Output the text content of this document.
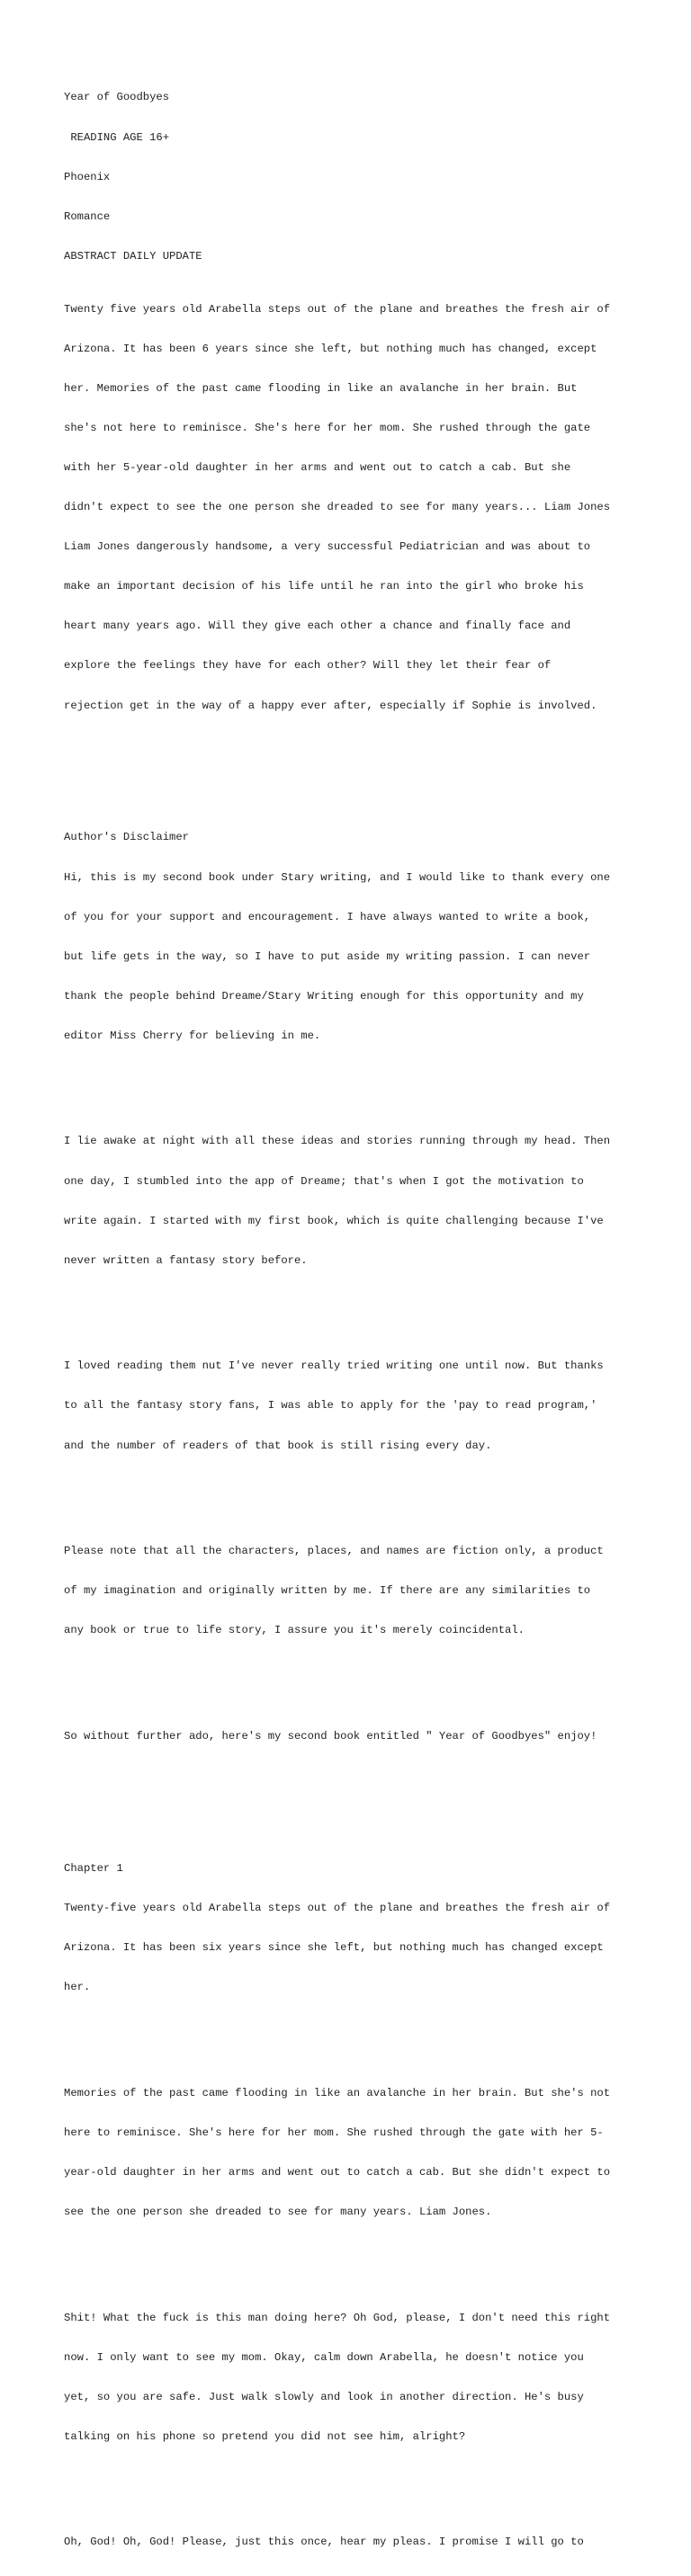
Year of Goodbyes

READING AGE 16+

Phoenix

Romance

ABSTRACT DAILY UPDATE

Twenty five years old Arabella steps out of the plane and breathes the fresh air of

Arizona. It has been 6 years since she left, but nothing much has changed, except

her. Memories of the past came flooding in like an avalanche in her brain. But

she's not here to reminisce. She's here for her mom. She rushed through the gate

with her 5-year-old daughter in her arms and went out to catch a cab. But she

didn't expect to see the one person she dreaded to see for many years... Liam Jones

Liam Jones dangerously handsome, a very successful Pediatrician and was about to

make an important decision of his life until he ran into the girl who broke his

heart many years ago. Will they give each other a chance and finally face and

explore the feelings they have for each other? Will they let their fear of

rejection get in the way of a happy ever after, especially if Sophie is involved.

Author's Disclaimer

Hi, this is my second book under Stary writing, and I would like to thank every one

of you for your support and encouragement. I have always wanted to write a book,

but life gets in the way, so I have to put aside my writing passion. I can never

thank the people behind Dreame/Stary Writing enough for this opportunity and my

editor Miss Cherry for believing in me.

I lie awake at night with all these ideas and stories running through my head. Then

one day, I stumbled into the app of Dreame; that's when I got the motivation to

write again. I started with my first book, which is quite challenging because I've

never written a fantasy story before.

I loved reading them nut I've never really tried writing one until now. But thanks

to all the fantasy story fans, I was able to apply for the 'pay to read program,'

and the number of readers of that book is still rising every day.

Please note that all the characters, places, and names are fiction only, a product

of my imagination and originally written by me. If there are any similarities to

any book or true to life story, I assure you it's merely coincidental.

So without further ado, here's my second book entitled " Year of Goodbyes" enjoy!

Chapter 1

Twenty-five years old Arabella steps out of the plane and breathes the fresh air of

Arizona. It has been six years since she left, but nothing much has changed except

her.

Memories of the past came flooding in like an avalanche in her brain. But she's not

here to reminisce. She's here for her mom. She rushed through the gate with her 5-

year-old daughter in her arms and went out to catch a cab. But she didn't expect to

see the one person she dreaded to see for many years. Liam Jones.

Shit! What the fuck is this man doing here? Oh God, please, I don't need this right

now. I only want to see my mom. Okay, calm down Arabella, he doesn't notice you

yet, so you are safe. Just walk slowly and look in another direction. He's busy

talking on his phone so pretend you did not see him, alright?

Oh, God! Oh, God! Please, just this once, hear my pleas. I promise I will go to
